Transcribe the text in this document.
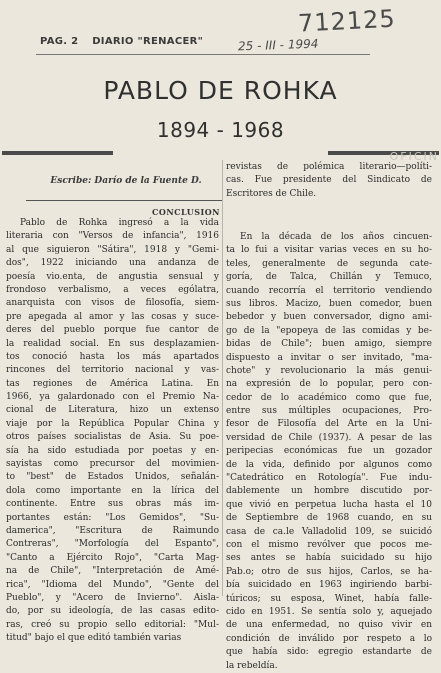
712125
PAG. 2 DIARIO "RENACER"	25 - III - 1994
PABLO DE ROHKA
1894 - 1968
OFICIN
Escribe: Darío de la Fuente D.
CONCLUSION
Pablo de Rohka ingresó a la vida
literaria con "Versos de infancia", 1916
al que siguieron "Sátira", 1918 y "Gemi-
dos", 1922 iniciando una andanza de
poesía vio.enta, de angustia sensual y
frondoso verbalismo, a veces ególatra,
anarquista con visos de filosofía, siem-
pre apegada al amor y las cosas y suce-
deres del pueblo porque fue cantor de
la realidad social. En sus desplazamien-
tos conoció hasta los más apartados
rincones del territorio nacional y vas-
tas regiones de América Latina. En
1966, ya galardonado con el Premio Na-
cional de Literatura, hizo un extenso
viaje por la República Popular China y
otros países socialistas de Asia. Su poe-
sía ha sido estudiada por poetas y en-
sayistas como precursor del movimien-
to "best" de Estados Unidos, señalán-
dola como importante en la lírica del
continente. Entre sus obras más im-
portantes están: "Los Gemidos", "Su-
damerica", "Escritura de Raimundo
Contreras", "Morfología del Espanto",
"Canto a Ejército Rojo", "Carta Mag-
na de Chile", "Interpretación de Amé-
rica", "Idioma del Mundo", "Gente del
Pueblo", y "Acero de Invierno". Aisla-
do, por su ideología, de las casas edito-
ras, creó su propio sello editorial: "Mul-
titud" bajo el que editó también varias
revistas de polémica literario—políti-
cas. Fue presidente del Sindicato de
Escritores de Chile.
En la década de los años cincuen-
ta lo fui a visitar varias veces en su ho-
teles, generalmente de segunda cate-
goría, de Talca, Chillán y Temuco,
cuando recorría el territorio vendiendo
sus libros. Macizo, buen comedor, buen
bebedor y buen conversador, digno ami-
go de la "epopeya de las comidas y be-
bidas de Chile"; buen amigo, siempre
dispuesto a invitar o ser invitado, "ma-
chote" y revolucionario la más genui-
na expresión de lo popular, pero con-
cedor de lo académico como que fue,
entre sus múltiples ocupaciones, Pro-
fesor de Filosofía del Arte en la Uni-
versidad de Chile (1937). A pesar de las
peripecias económicas fue un gozador
de la vida, definido por algunos como
"Catedrático en Rotología". Fue indu-
dablemente un hombre discutido por-
que vivió en perpetua lucha hasta el 10
de Septiembre de 1968 cuando, en su
casa de ca.le Valladolid 109, se suicidó
con el mismo revólver que pocos me-
ses antes se había suicidado su hijo
Pab.o; otro de sus hijos, Carlos, se ha-
bía suicidado en 1963 ingiriendo barbi-
túricos; su esposa, Winet, había falle-
cido en 1951. Se sentía solo y, aquejado
de una enfermedad, no quiso vivir en
condición de inválido por respeto a lo
que había sido: egregio estandarte de
la rebeldía.
